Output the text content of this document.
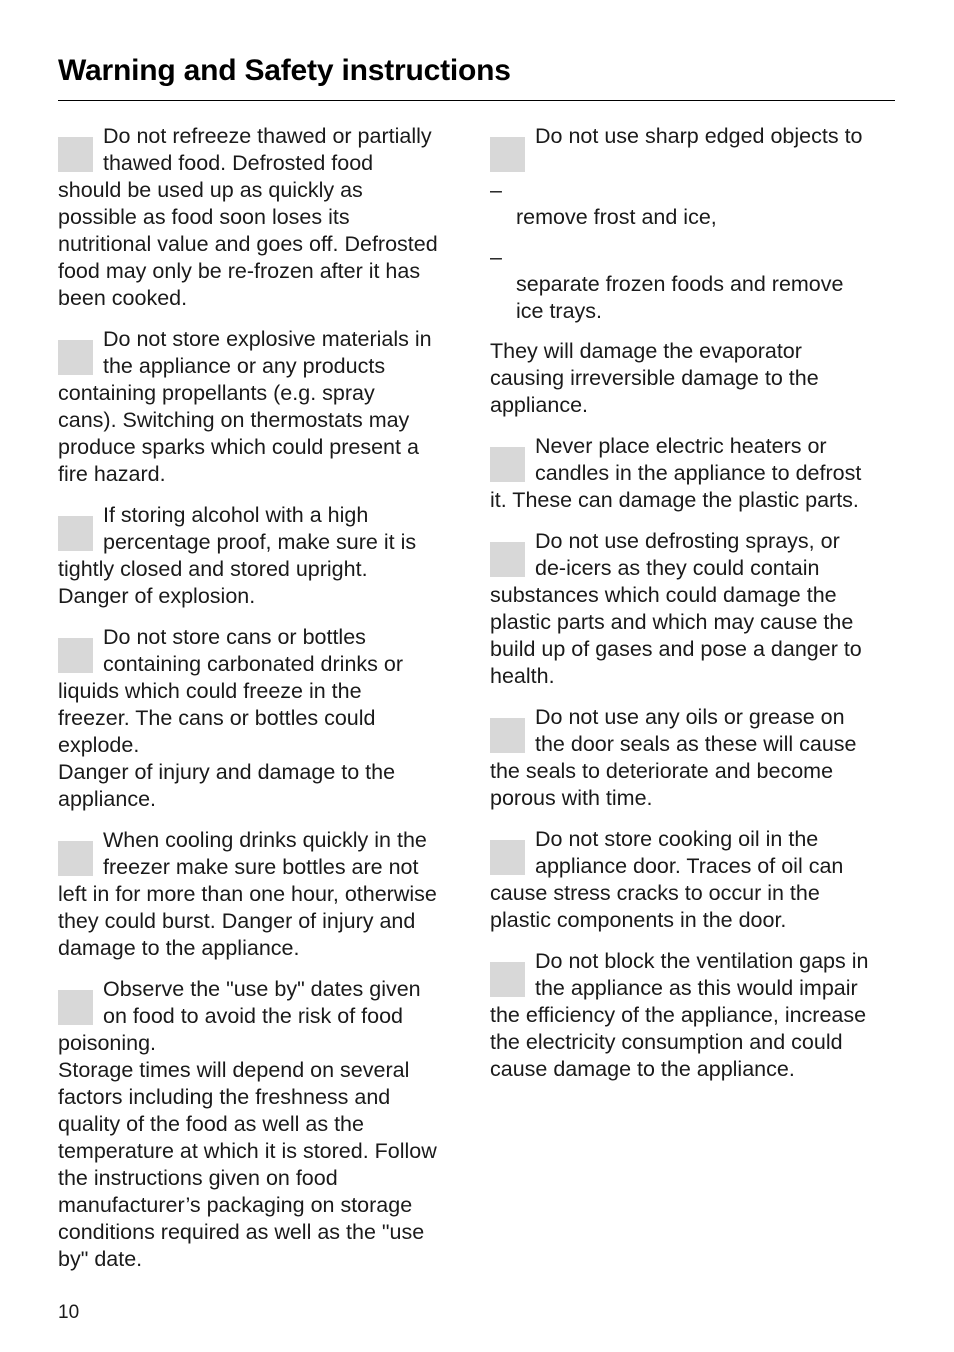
Warning and Safety instructions
Do not refreeze thawed or partially
thawed food. Defrosted food
should be used up as quickly as
possible as food soon loses its
nutritional value and goes off. Defrosted
food may only be re-frozen after it has
been cooked.
Do not store explosive materials in
the appliance or any products
containing propellants (e.g. spray
cans). Switching on thermostats may
produce sparks which could present a
fire hazard.
If storing alcohol with a high
percentage proof, make sure it is
tightly closed and stored upright.
Danger of explosion.
Do not store cans or bottles
containing carbonated drinks or
liquids which could freeze in the
freezer. The cans or bottles could
explode.
Danger of injury and damage to the
appliance.
When cooling drinks quickly in the
freezer make sure bottles are not
left in for more than one hour, otherwise
they could burst. Danger of injury and
damage to the appliance.
Observe the "use by" dates given
on food to avoid the risk of food
poisoning.
Storage times will depend on several
factors including the freshness and
quality of the food as well as the
temperature at which it is stored. Follow
the instructions given on food
manufacturer’s packaging on storage
conditions required as well as the "use
by" date.
Do not use sharp edged objects to

–
remove frost and ice,

–
separate frozen foods and remove
ice trays.

They will damage the evaporator
causing irreversible damage to the
appliance.
Never place electric heaters or
candles in the appliance to defrost
it. These can damage the plastic parts.
Do not use defrosting sprays, or
de-icers as they could contain
substances which could damage the
plastic parts and which may cause the
build up of gases and pose a danger to
health.
Do not use any oils or grease on
the door seals as these will cause
the seals to deteriorate and become
porous with time.
Do not store cooking oil in the
appliance door. Traces of oil can
cause stress cracks to occur in the
plastic components in the door.
Do not block the ventilation gaps in
the appliance as this would impair
the efficiency of the appliance, increase
the electricity consumption and could
cause damage to the appliance.
10
